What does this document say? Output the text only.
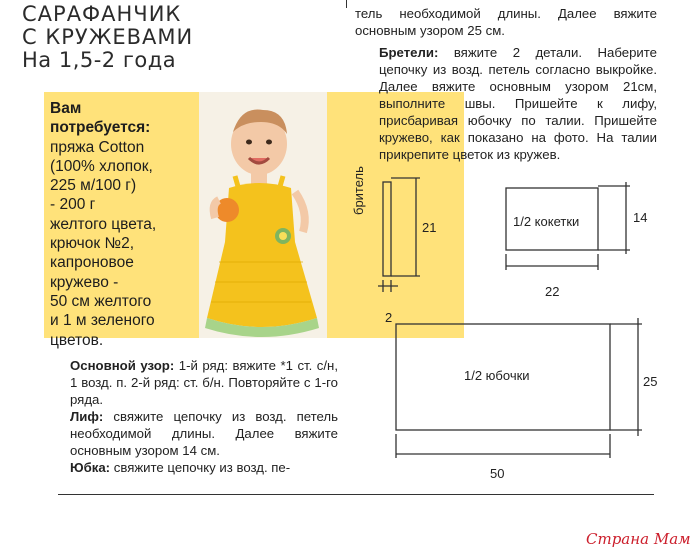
САРАФАНЧИК
С КРУЖЕВАМИ
На 1,5-2 года
Вам
потребуется:
пряжа Cotton
(100% хлопок,
225 м/100 г)
- 200 г
желтого цвета,
крючок №2,
капроновое
кружево -
50 см желтого
и 1 м зеленого
цветов.
Основной узор: 1-й ряд: вяжите *1 ст. с/н, 1 возд. п. 2-й ряд: ст. б/н. Повторяйте с 1-го ряда.
Лиф: свяжите цепочку из возд. петель необходимой длины. Далее вяжите основным узором 14 см.
Юбка: свяжите цепочку из возд. пе-
тель необходимой длины. Далее вяжите основным узором 25 см.
Бретели: вяжите 2 детали. Наберите цепочку из возд. петель согласно выкройке. Далее вяжите основным узором 21см, выполните швы. Пришейте к лифу, присбаривая юбочку по талии. Пришейте кружево, как показано на фото. На талии прикрепите цветок из кружев.
бритель
21
2
1/2 кокетки	14
22
1/2 юбочки	25
50
Страна Мам
